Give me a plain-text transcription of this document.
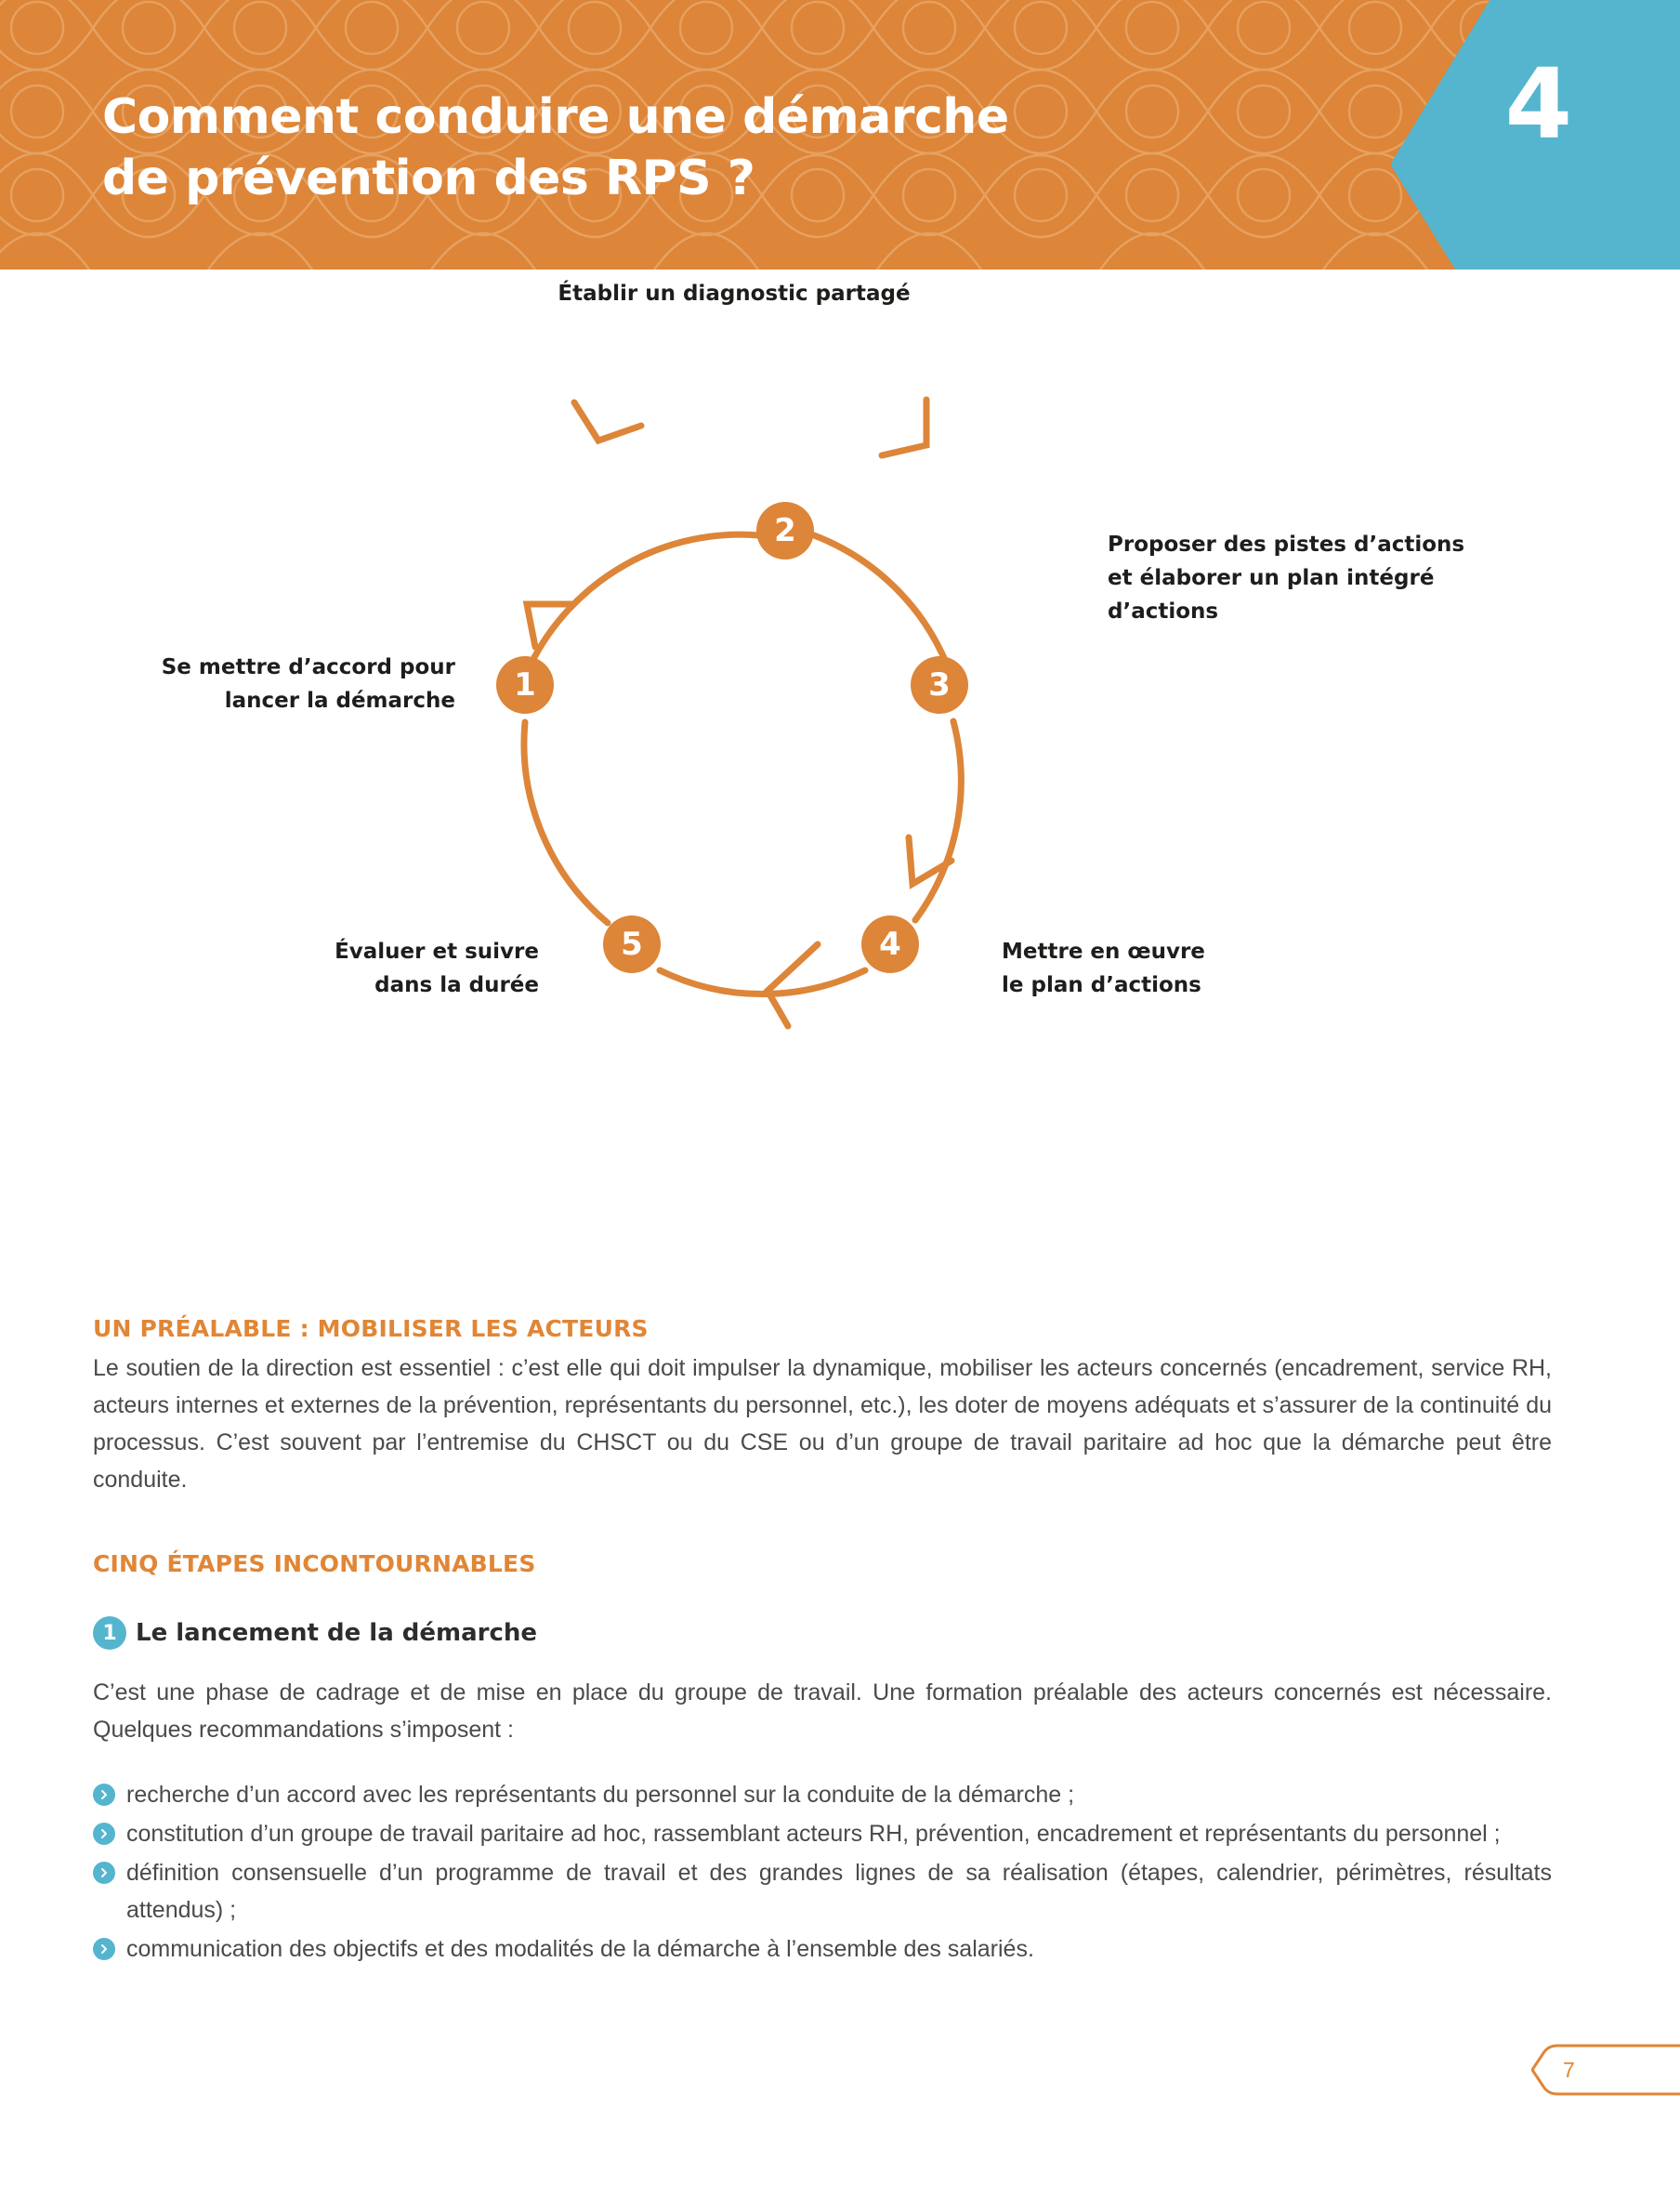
4
Comment conduire une démarche
de prévention des RPS ?
1
2
3
4
5
Établir un diagnostic partagé
Se mettre d’accord pour
lancer la démarche
Proposer des pistes d’actions
et élaborer un plan intégré
d’actions
Mettre en œuvre
le plan d’actions
Évaluer et suivre
dans la durée
UN PRÉALABLE : MOBILISER LES ACTEURS

Le soutien de la direction est essentiel : c’est elle qui doit impulser la dynamique, mobiliser les acteurs concernés (encadrement, service RH, acteurs internes et externes de la prévention, représentants du personnel, etc.), les doter de moyens adéquats et s’assurer de la continuité du processus. C’est souvent par l’entremise du CHSCT ou du CSE ou d’un groupe de travail paritaire ad hoc que la démarche peut être conduite.

CINQ ÉTAPES INCONTOURNABLES
1 Le lancement de la démarche

C’est une phase de cadrage et de mise en place du groupe de travail. Une formation préalable des acteurs concernés est nécessaire. Quelques recommandations s’imposent :

recherche d’un accord avec les représentants du personnel sur la conduite de la démarche ;
constitution d’un groupe de travail paritaire ad hoc, rassemblant acteurs RH, prévention, encadrement et représentants du personnel ;
définition consensuelle d’un programme de travail et des grandes lignes de sa réalisation (étapes, calendrier, périmètres, résultats attendus) ;
communication des objectifs et des modalités de la démarche à l’ensemble des salariés.
7
